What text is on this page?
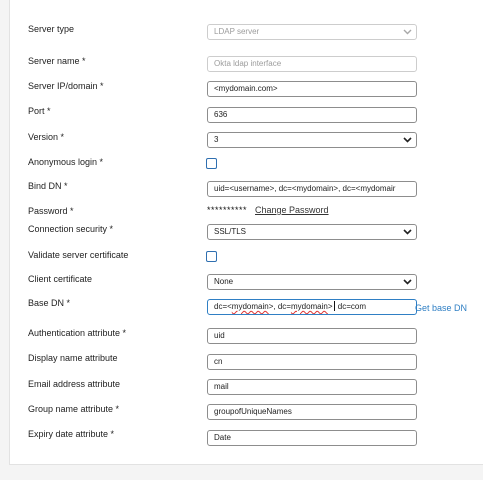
Server type	LDAP server
Server name *	Okta ldap interface
Server IP/domain *	<mydomain.com>
Port *	636
Version *	3
Anonymous login *
Bind DN *	uid=<username>, dc=<mydomain>, dc=<mydomair
Password *	********** Change Password
Connection security *	SSL/TLS
Validate server certificate
Client certificate	None
Base DN *	dc=<mydomain>, dc=mydomain> dc=com	Get base DN
Authentication attribute *	uid
Display name attribute	cn
Email address attribute	mail
Group name attribute *	groupofUniqueNames
Expiry date attribute *	Date
